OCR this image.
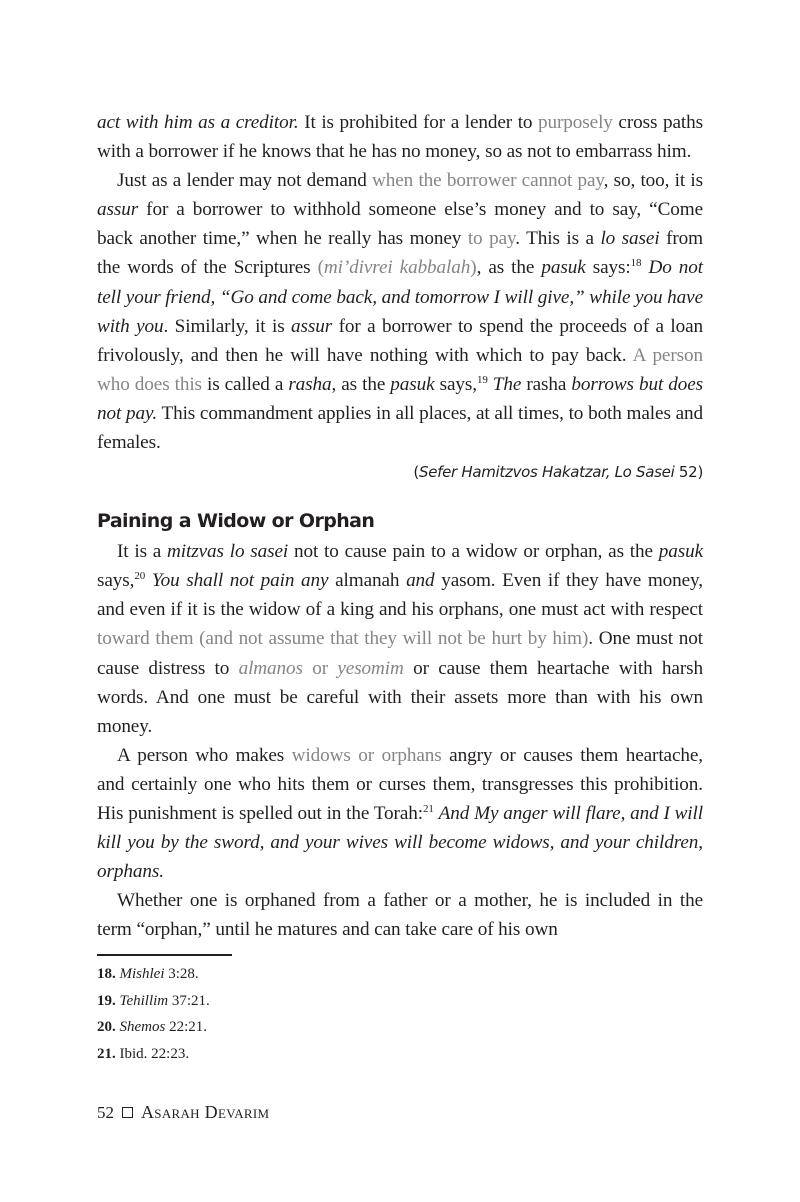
act with him as a creditor. It is prohibited for a lender to purposely cross paths with a borrower if he knows that he has no money, so as not to embarrass him.

Just as a lender may not demand when the borrower cannot pay, so, too, it is assur for a borrower to withhold someone else’s money and to say, “Come back another time,” when he really has money to pay. This is a lo sasei from the words of the Scriptures (mi’divrei kabbalah), as the pasuk says:$^{18}$ Do not tell your friend, “Go and come back, and tomorrow I will give,” while you have with you. Similarly, it is assur for a borrower to spend the proceeds of a loan frivolously, and then he will have nothing with which to pay back. A person who does this is called a rasha, as the pasuk says,$^{19}$ The rasha borrows but does not pay. This commandment applies in all places, at all times, to both males and females.

(Sefer Hamitzvos Hakatzar, Lo Sasei 52)
Paining a Widow or Orphan

It is a mitzvas lo sasei not to cause pain to a widow or orphan, as the pasuk says,$^{20}$ You shall not pain any almanah and yasom. Even if they have money, and even if it is the widow of a king and his orphans, one must act with respect toward them (and not assume that they will not be hurt by him). One must not cause distress to almanos or yesomim or cause them heartache with harsh words. And one must be careful with their assets more than with his own money.

A person who makes widows or orphans angry or causes them heartache, and certainly one who hits them or curses them, transgresses this prohibition. His punishment is spelled out in the Torah:$^{21}$ And My anger will flare, and I will kill you by the sword, and your wives will become widows, and your children, orphans.

Whether one is orphaned from a father or a mother, he is included in the term “orphan,” until he matures and can take care of his own

18. Mishlei 3:28.
19. Tehillim 37:21.
20. Shemos 22:21.
21. Ibid. 22:23.
52 Asarah Devarim
